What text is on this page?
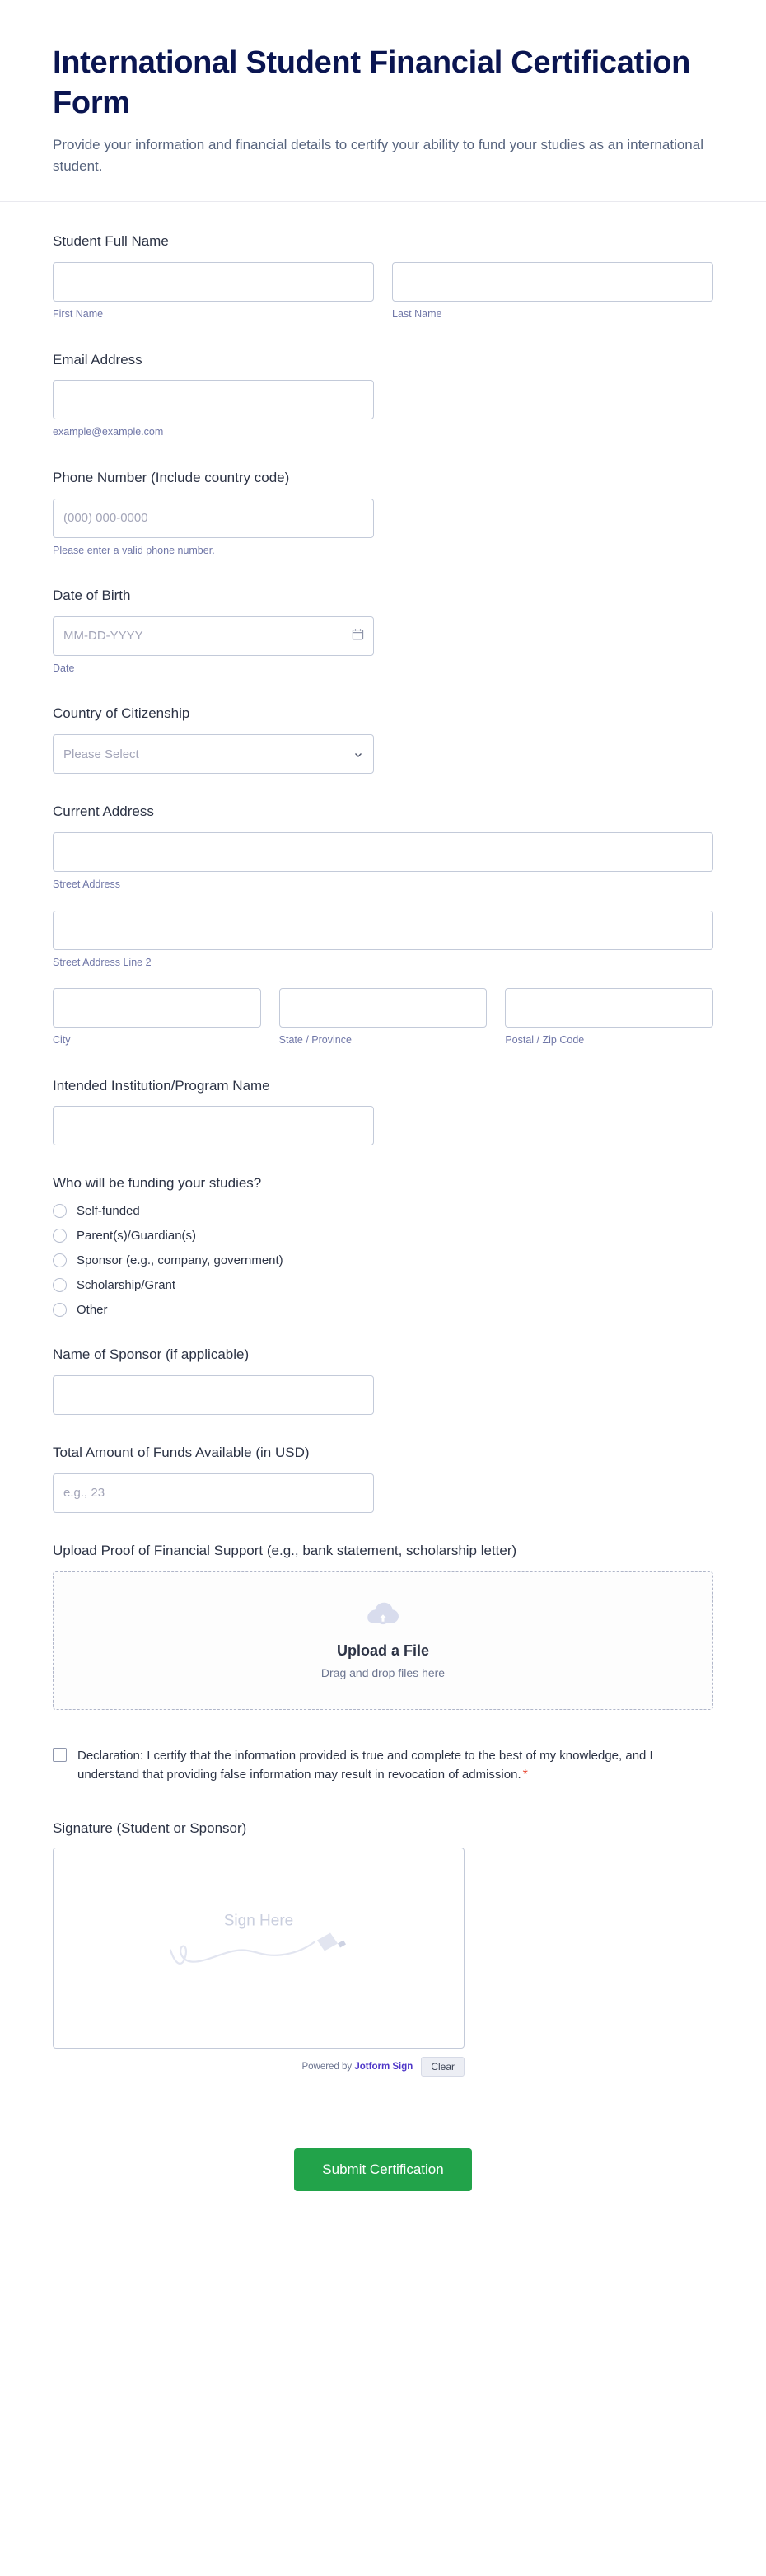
International Student Financial Certification Form

Provide your information and financial details to certify your ability to fund your studies as an international student.

Student Full Name
First Name	Last Name
Email Address
example@example.com
Phone Number (Include country code)
(000) 000-0000
Please enter a valid phone number.
Date of Birth
MM-DD-YYYY
Date
Country of Citizenship
Please Select
Current Address
Street Address
Street Address Line 2
City	State / Province	Postal / Zip Code
Intended Institution/Program Name
Who will be funding your studies?
Self-funded
Parent(s)/Guardian(s)
Sponsor (e.g., company, government)
Scholarship/Grant
Other
Name of Sponsor (if applicable)
Total Amount of Funds Available (in USD)
e.g., 23
Upload Proof of Financial Support (e.g., bank statement, scholarship letter)
Upload a File
Drag and drop files here
Declaration: I certify that the information provided is true and complete to the best of my knowledge, and I understand that providing false information may result in revocation of admission. *
Signature (Student or Sponsor)
Sign Here
Powered by Jotform Sign	Clear
Submit Certification
